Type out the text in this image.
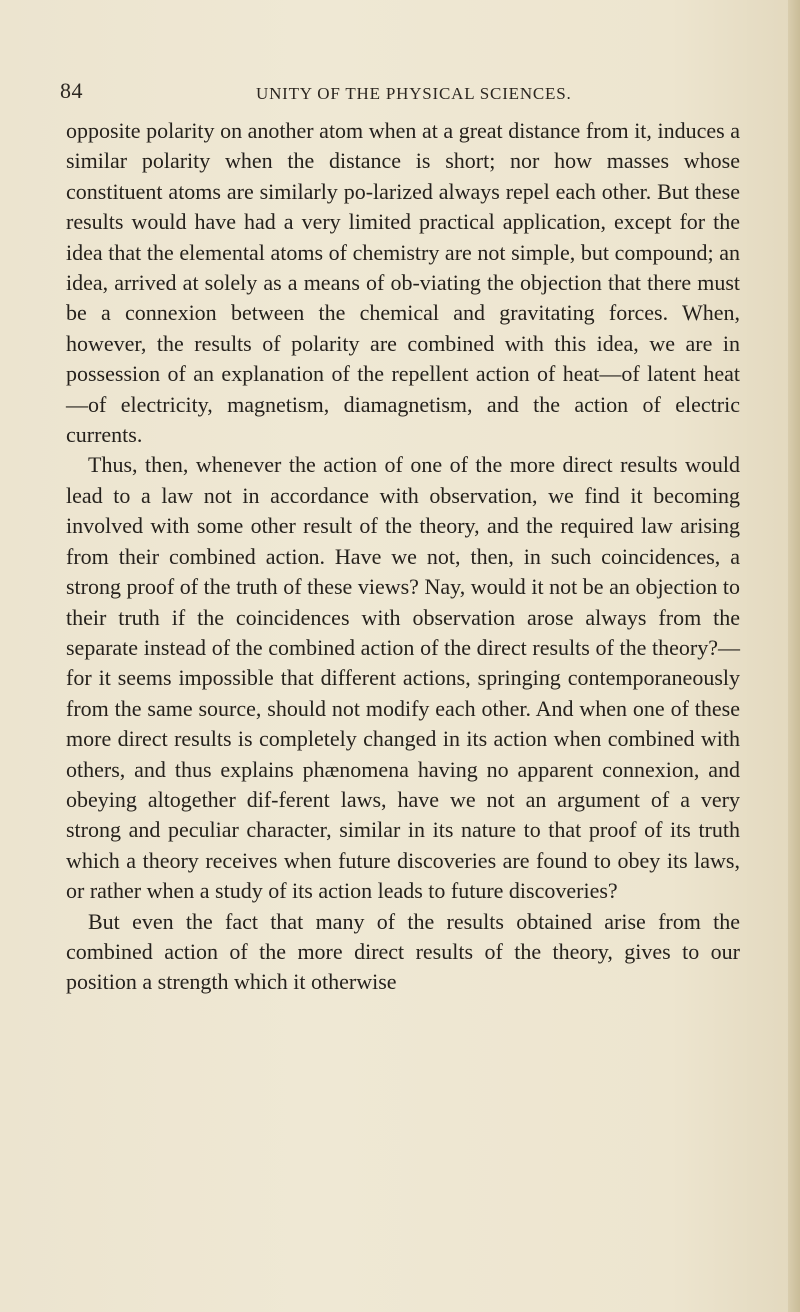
84	UNITY OF THE PHYSICAL SCIENCES.

opposite polarity on another atom when at a great distance from it, induces a similar polarity when the distance is short; nor how masses whose constituent atoms are similarly po-larized always repel each other. But these results would have had a very limited practical application, except for the idea that the elemental atoms of chemistry are not simple, but compound; an idea, arrived at solely as a means of ob-viating the objection that there must be a connexion between the chemical and gravitating forces. When, however, the results of polarity are combined with this idea, we are in possession of an explanation of the repellent action of heat—of latent heat—of electricity, magnetism, diamagnetism, and the action of electric currents.

Thus, then, whenever the action of one of the more direct results would lead to a law not in accordance with observation, we find it becoming involved with some other result of the theory, and the required law arising from their combined action. Have we not, then, in such coincidences, a strong proof of the truth of these views? Nay, would it not be an objection to their truth if the coincidences with observation arose always from the separate instead of the combined action of the direct results of the theory?—for it seems impossible that different actions, springing contemporaneously from the same source, should not modify each other. And when one of these more direct results is completely changed in its action when combined with others, and thus explains phænomena having no apparent connexion, and obeying altogether dif-ferent laws, have we not an argument of a very strong and peculiar character, similar in its nature to that proof of its truth which a theory receives when future discoveries are found to obey its laws, or rather when a study of its action leads to future discoveries?

But even the fact that many of the results obtained arise from the combined action of the more direct results of the theory, gives to our position a strength which it otherwise
